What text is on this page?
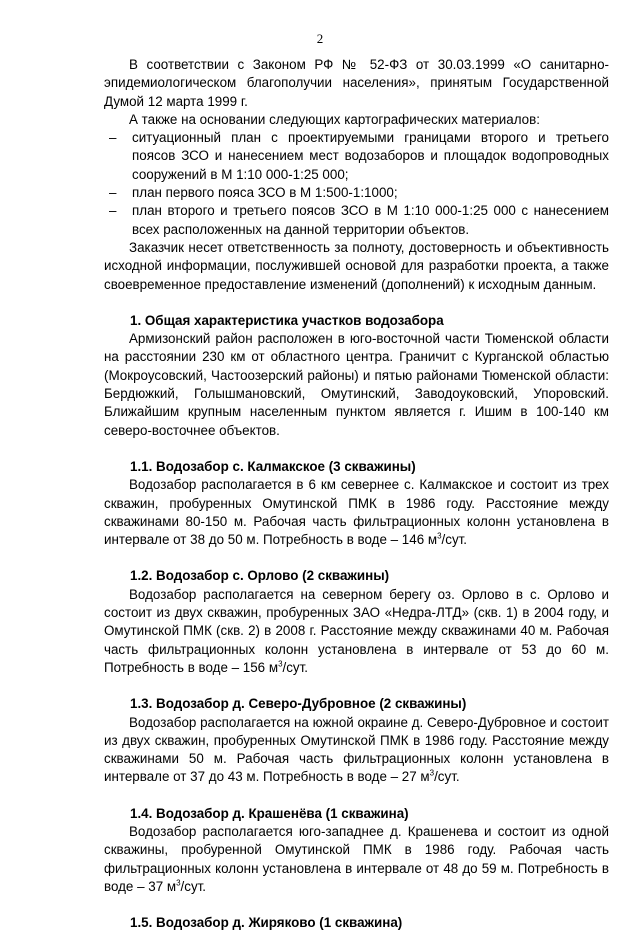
2

В соответствии с Законом РФ № 52-ФЗ от 30.03.1999 «О санитарно-эпидемиологическом благополучии населения», принятым Государственной Думой 12 марта 1999 г.

А также на основании следующих картографических материалов:

– ситуационный план с проектируемыми границами второго и третьего поясов ЗСО и нанесением мест водозаборов и площадок водопроводных сооружений в М 1:10 000-1:25 000;
– план первого пояса ЗСО в М 1:500-1:1000;
– план второго и третьего поясов ЗСО в М 1:10 000-1:25 000 с нанесением всех расположенных на данной территории объектов.

Заказчик несет ответственность за полноту, достоверность и объективность исходной информации, послужившей основой для разработки проекта, а также своевременное предоставление изменений (дополнений) к исходным данным.

1. Общая характеристика участков водозабора

Армизонский район расположен в юго-восточной части Тюменской области на расстоянии 230 км от областного центра. Граничит с Курганской областью (Мокроусовский, Частоозерский районы) и пятью районами Тюменской области: Бердюжкий, Голышмановский, Омутинский, Заводоуковский, Упоровский. Ближайшим крупным населенным пунктом является г. Ишим в 100-140 км северо-восточнее объектов.

1.1. Водозабор с. Калмакское (3 скважины)

Водозабор располагается в 6 км севернее с. Калмакское и состоит из трех скважин, пробуренных Омутинской ПМК в 1986 году. Расстояние между скважинами 80-150 м. Рабочая часть фильтрационных колонн установлена в интервале от 38 до 50 м. Потребность в воде – 146 $м^3$/сут.

1.2. Водозабор с. Орлово (2 скважины)

Водозабор располагается на северном берегу оз. Орлово в с. Орлово и состоит из двух скважин, пробуренных ЗАО «Недра-ЛТД» (скв. 1) в 2004 году, и Омутинской ПМК (скв. 2) в 2008 г. Расстояние между скважинами 40 м. Рабочая часть фильтрационных колонн установлена в интервале от 53 до 60 м. Потребность в воде – 156 $м^3$/сут.

1.3. Водозабор д. Северо-Дубровное (2 скважины)

Водозабор располагается на южной окраине д. Северо-Дубровное и состоит из двух скважин, пробуренных Омутинской ПМК в 1986 году. Расстояние между скважинами 50 м. Рабочая часть фильтрационных колонн установлена в интервале от 37 до 43 м. Потребность в воде – 27 $м^3$/сут.

1.4. Водозабор д. Крашенёва (1 скважина)

Водозабор располагается юго-западнее д. Крашенева и состоит из одной скважины, пробуренной Омутинской ПМК в 1986 году. Рабочая часть фильтрационных колонн установлена в интервале от 48 до 59 м. Потребность в воде – 37 $м^3$/сут.

1.5. Водозабор д. Жиряково (1 скважина)
